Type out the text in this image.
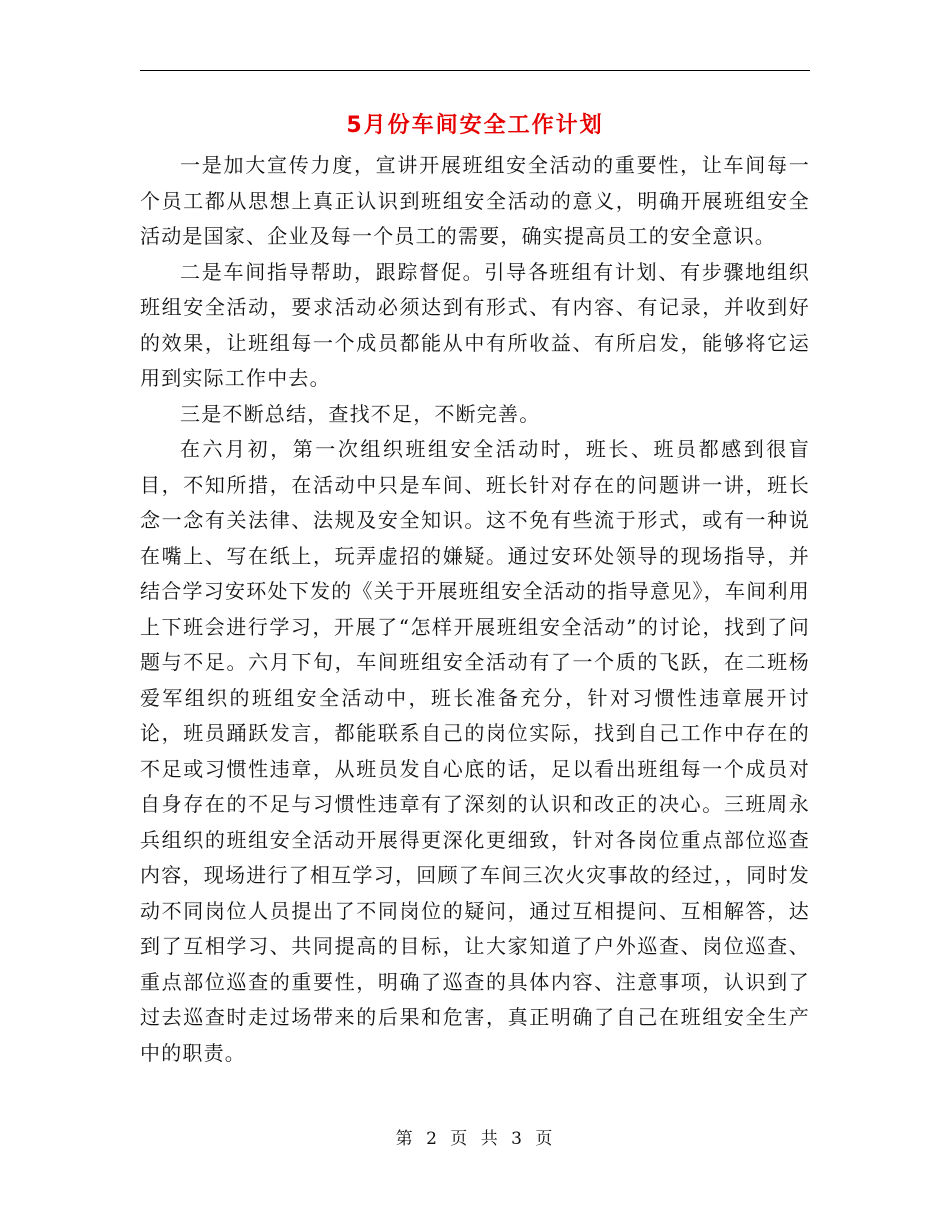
5月份车间安全工作计划

一是加大宣传力度，宣讲开展班组安全活动的重要性，让车间每一个员工都从思想上真正认识到班组安全活动的意义，明确开展班组安全活动是国家、企业及每一个员工的需要，确实提高员工的安全意识。

二是车间指导帮助，跟踪督促。引导各班组有计划、有步骤地组织班组安全活动，要求活动必须达到有形式、有内容、有记录，并收到好的效果，让班组每一个成员都能从中有所收益、有所启发，能够将它运用到实际工作中去。

三是不断总结，查找不足，不断完善。

在六月初，第一次组织班组安全活动时，班长、班员都感到很盲目，不知所措，在活动中只是车间、班长针对存在的问题讲一讲，班长念一念有关法律、法规及安全知识。这不免有些流于形式，或有一种说在嘴上、写在纸上，玩弄虚招的嫌疑。通过安环处领导的现场指导，并结合学习安环处下发的《关于开展班组安全活动的指导意见》，车间利用上下班会进行学习，开展了“怎样开展班组安全活动”的讨论，找到了问题与不足。六月下旬，车间班组安全活动有了一个质的飞跃，在二班杨爱军组织的班组安全活动中，班长准备充分，针对习惯性违章展开讨论，班员踊跃发言，都能联系自己的岗位实际，找到自己工作中存在的不足或习惯性违章，从班员发自心底的话，足以看出班组每一个成员对自身存在的不足与习惯性违章有了深刻的认识和改正的决心。三班周永兵组织的班组安全活动开展得更深化更细致，针对各岗位重点部位巡查内容，现场进行了相互学习，回顾了车间三次火灾事故的经过，，同时发动不同岗位人员提出了不同岗位的疑问，通过互相提问、互相解答，达到了互相学习、共同提高的目标，让大家知道了户外巡查、岗位巡查、重点部位巡查的重要性，明确了巡查的具体内容、注意事项，认识到了过去巡查时走过场带来的后果和危害，真正明确了自己在班组安全生产中的职责。

第 2 页 共 3 页
